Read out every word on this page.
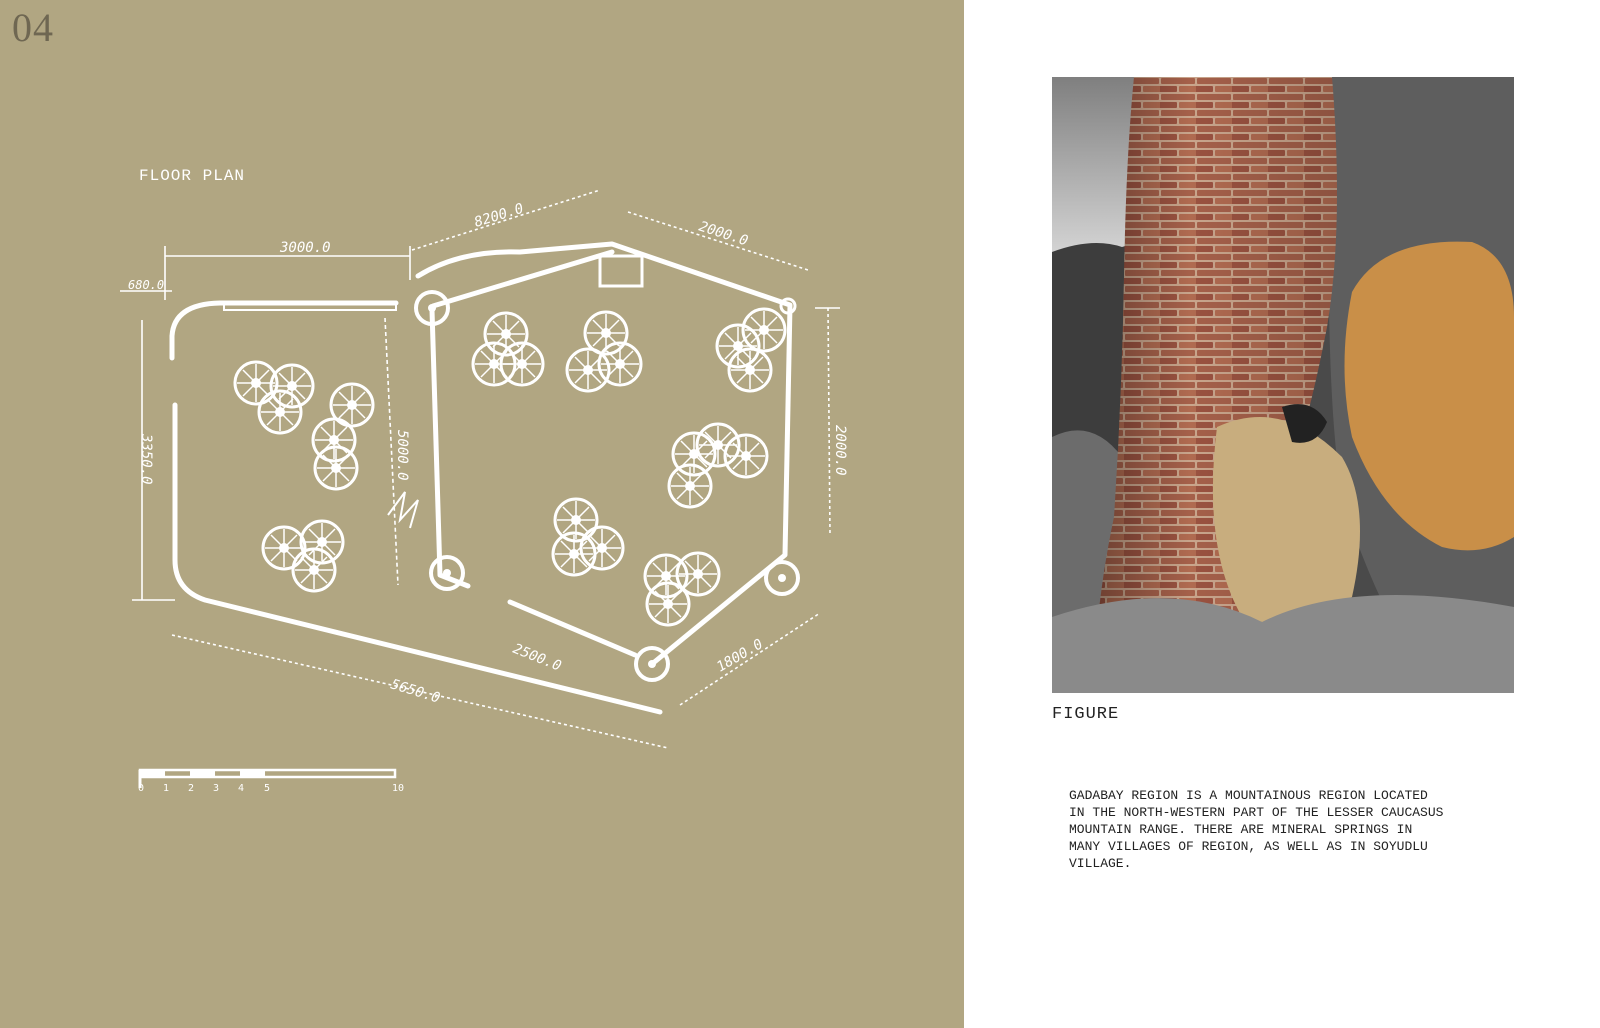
04
FLOOR PLAN
3000.0
8200.0
2000.0
680.0
3350.0	5000.0	2000.0
2500.0	1800.0
5650.0
0 1 2 3 4 5	10
FIGURE

GADABAY REGION IS A MOUNTAINOUS REGION LOCATED
IN THE NORTH-WESTERN PART OF THE LESSER CAUCASUS
MOUNTAIN RANGE. THERE ARE MINERAL SPRINGS IN
MANY VILLAGES OF REGION, AS WELL AS IN SOYUDLU
VILLAGE.
